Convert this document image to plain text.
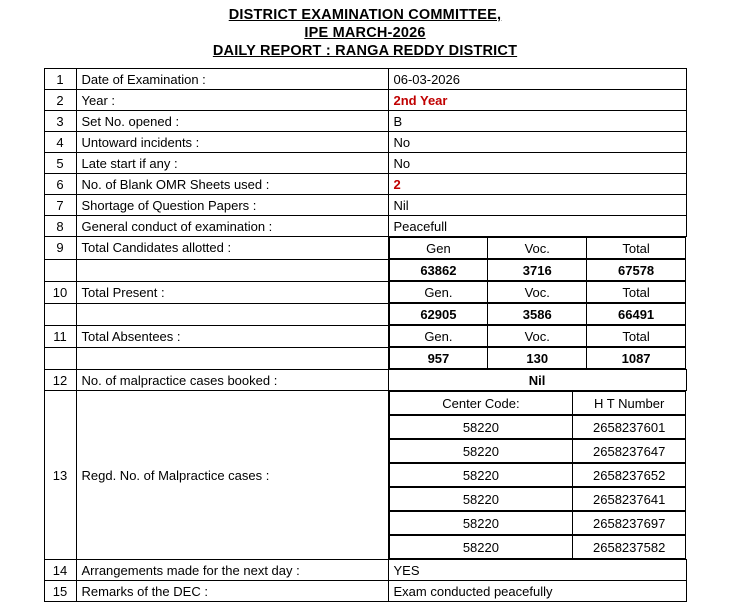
DISTRICT EXAMINATION COMMITTEE,
IPE MARCH-2026
DAILY REPORT : RANGA REDDY DISTRICT
1	Date of Examination :	06-03-2026
2	Year :	2nd Year
3	Set No. opened :	B
4	Untoward incidents :	No
5	Late start if any :	No
6	No. of Blank OMR Sheets used :	2
7	Shortage of Question Papers :	Nil
8	General conduct of examination :	Peacefull
9	Total Candidates allotted :		Gen	Voc.	Total

63862	3716	67578

10	Total Present :		Gen.	Voc.	Total

62905	3586	66491

11	Total Absentees :		Gen.	Voc.	Total

957	130	1087

12	No. of malpractice cases booked :	Nil
13	Regd. No. of Malpractice cases :	
Center Code:	H T Number

58220	2658237601

58220	2658237647

58220	2658237652

58220	2658237641

58220	2658237697

58220	2658237582

14	Arrangements made for the next day :	YES
15	Remarks of the DEC :	Exam conducted peacefully
